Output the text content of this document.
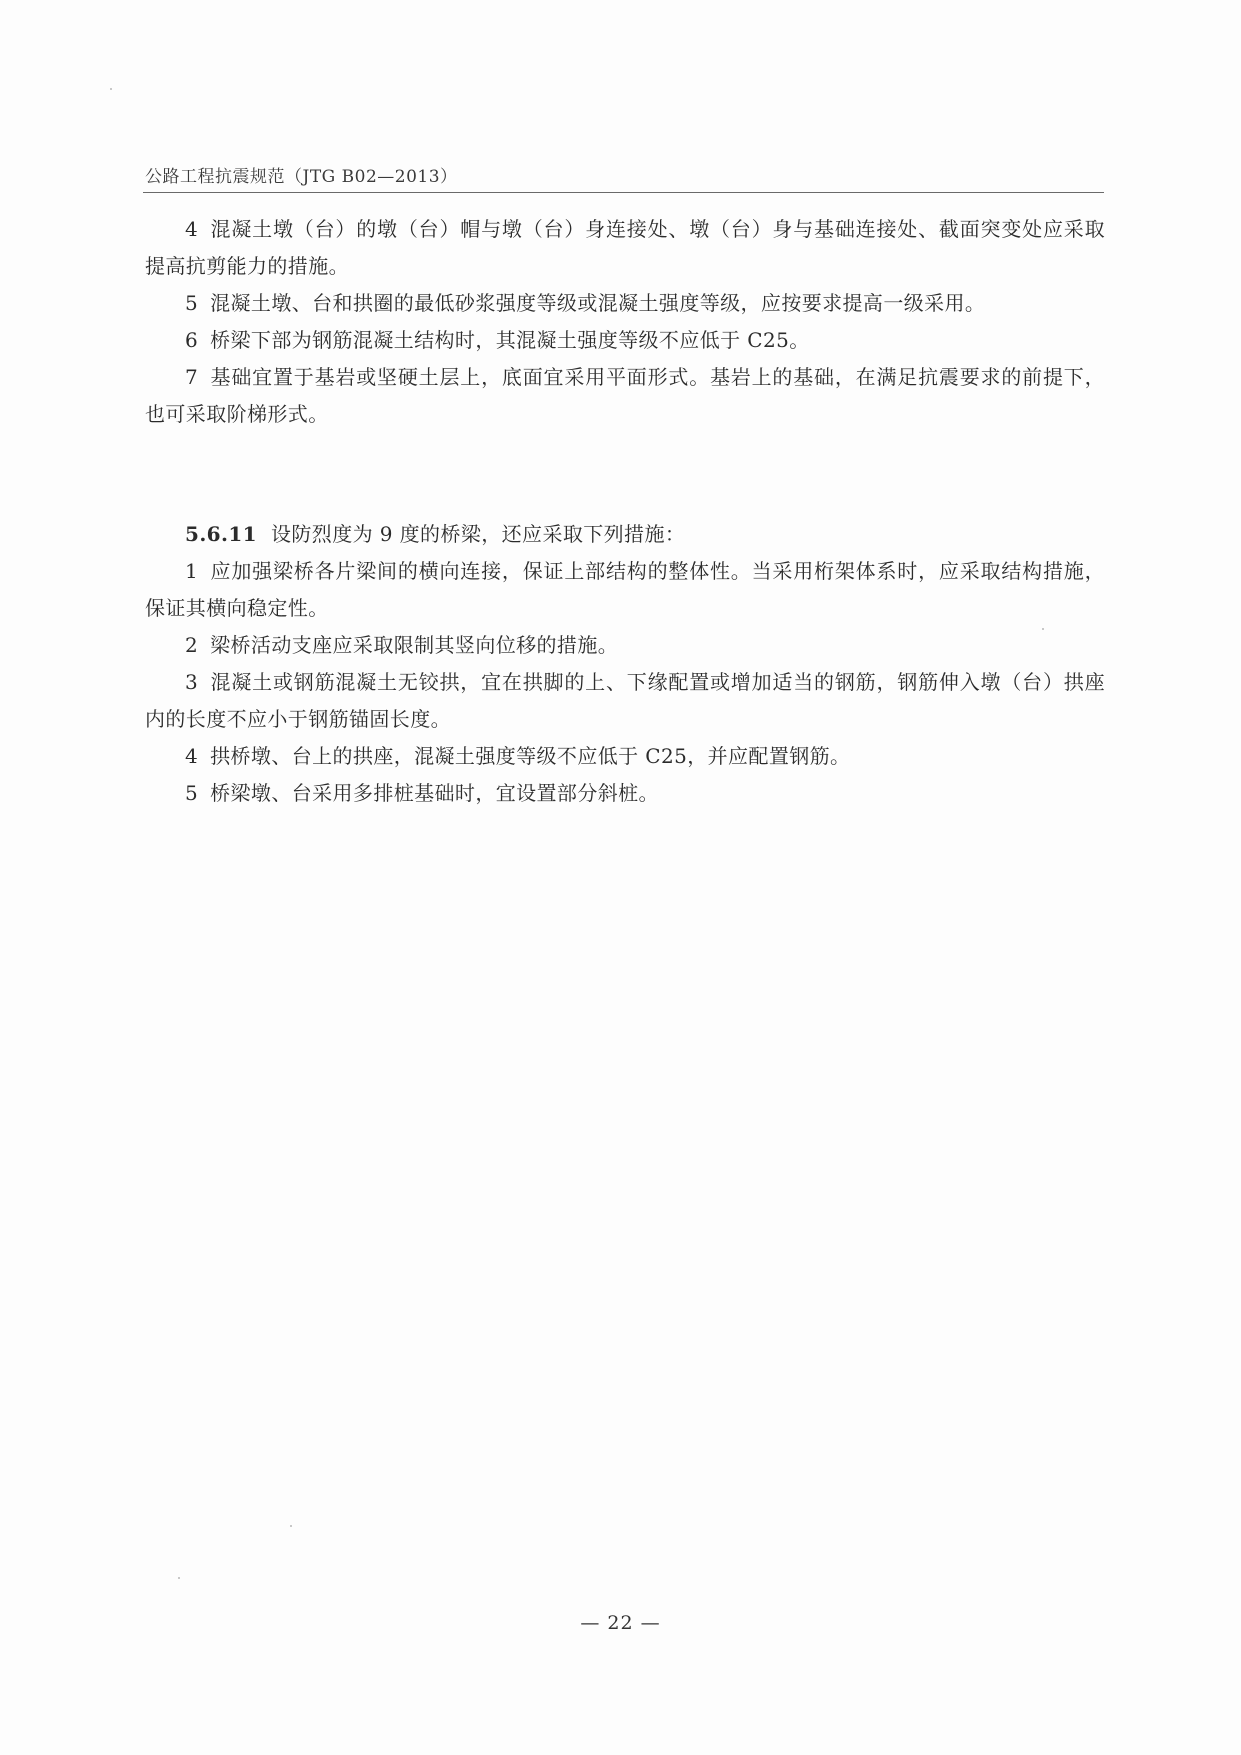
公路工程抗震规范（JTG B02—2013）

4 混凝土墩（台）的墩（台）帽与墩（台）身连接处、墩（台）身与基础连接处、截面突变处应采取提高抗剪能力的措施。

5 混凝土墩、台和拱圈的最低砂浆强度等级或混凝土强度等级，应按要求提高一级采用。

6 桥梁下部为钢筋混凝土结构时，其混凝土强度等级不应低于 C25。

7 基础宜置于基岩或坚硬土层上，底面宜采用平面形式。基岩上的基础，在满足抗震要求的前提下，也可采取阶梯形式。

5.6.11 设防烈度为 9 度的桥梁，还应采取下列措施：

1 应加强梁桥各片梁间的横向连接，保证上部结构的整体性。当采用桁架体系时，应采取结构措施，保证其横向稳定性。

2 梁桥活动支座应采取限制其竖向位移的措施。

3 混凝土或钢筋混凝土无铰拱，宜在拱脚的上、下缘配置或增加适当的钢筋，钢筋伸入墩（台）拱座内的长度不应小于钢筋锚固长度。

4 拱桥墩、台上的拱座，混凝土强度等级不应低于 C25，并应配置钢筋。

5 桥梁墩、台采用多排桩基础时，宜设置部分斜桩。

— 22 —
